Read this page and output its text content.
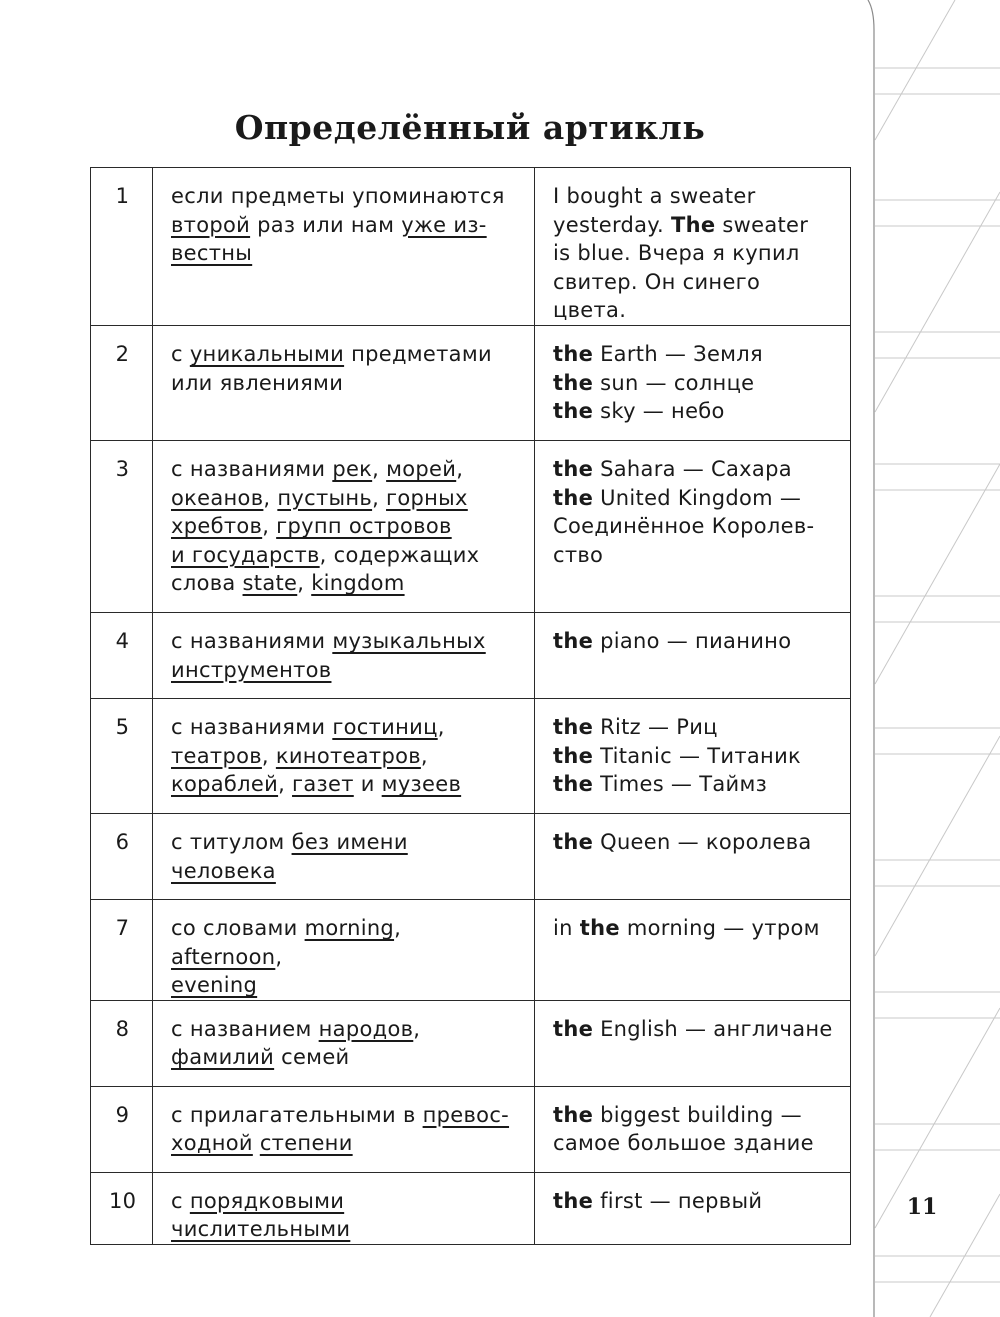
Определённый артикль
1	если предметы упоминаются второй раз или нам уже из-
вестны	I bought a sweater
yesterday. The sweater
is blue. Вчера я купил
свитер. Он синего цвета.
2	с уникальными предметами
или явлениями	the Earth — Земля
the sun — солнце
the sky — небо
3	с названиями рек, морей,
океанов, пустынь, горных
хребтов, групп островов
и государств, содержащих
слова state, kingdom	the Sahara — Сахара
the United Kingdom —
Соединённое Королев-
ство
4	с названиями музыкальных
инструментов	the piano — пианино
5	с названиями гостиниц,
театров, кинотеатров,
кораблей, газет и музеев	the Ritz — Риц
the Titanic — Титаник
the Times — Таймз
6	с титулом без имени
человека	the Queen — королева
7	со словами morning, afternoon,
evening	in the morning — утром
8	с названием народов,
фамилий семей	the English — англичане
9	с прилагательными в превос-
ходной степени	the biggest building —
самое большое здание
10	с порядковыми числительными	the first — первый	11
